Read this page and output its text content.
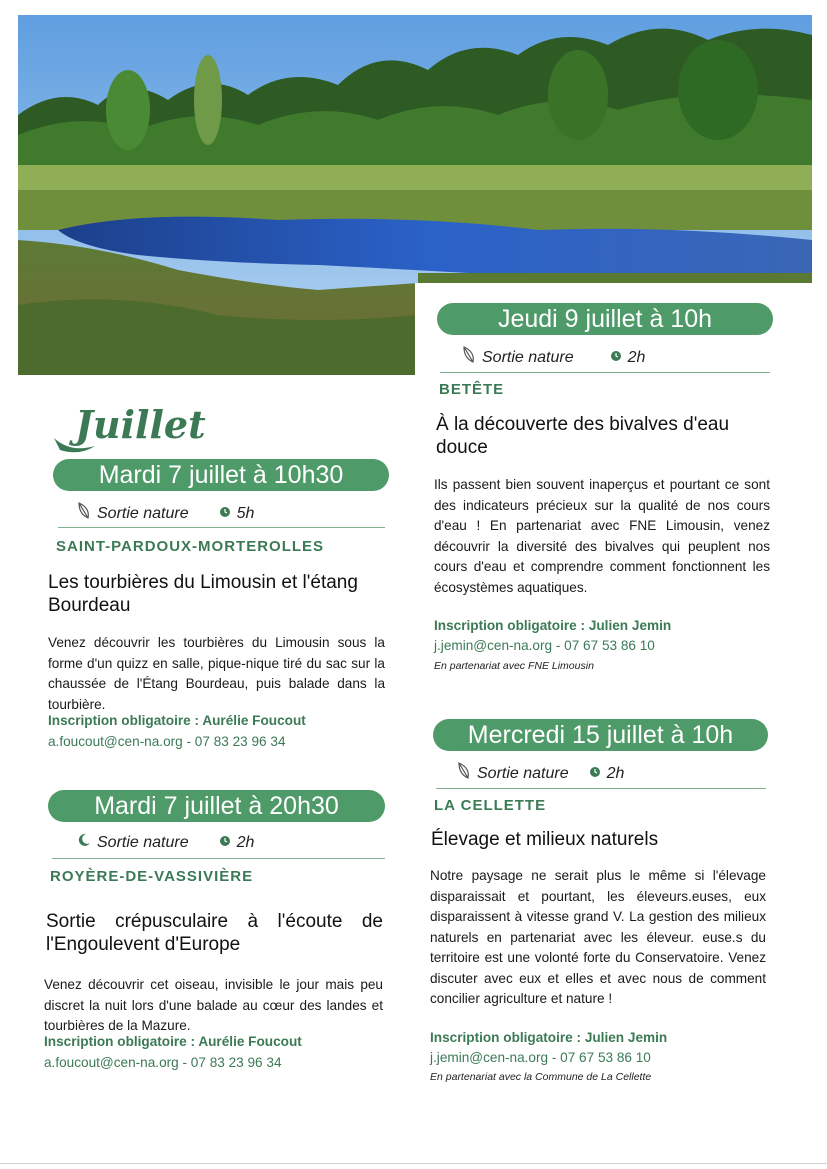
Juillet
Mardi 7 juillet à 10h30
Sortie nature	5h
SAINT-PARDOUX-MORTEROLLES
Les tourbières du Limousin et l'étang Bourdeau
Venez découvrir les tourbières du Limousin sous la forme d'un quizz en salle, pique-nique tiré du sac sur la chaussée de l'Étang Bourdeau, puis balade dans la tourbière.
Inscription obligatoire : Aurélie Foucout
a.foucout@cen-na.org - 07 83 23 96 34
Mardi 7 juillet à 20h30
Sortie nature	2h
ROYÈRE-DE-VASSIVIÈRE
Sortie crépusculaire à l'écoute de l'Engoulevent d'Europe
Venez découvrir cet oiseau, invisible le jour mais peu discret la nuit lors d'une balade au cœur des landes et tourbières de la Mazure.
Inscription obligatoire : Aurélie Foucout
a.foucout@cen-na.org - 07 83 23 96 34
Jeudi 9 juillet à 10h
Sortie nature	2h
BETÊTE
À la découverte des bivalves d'eau douce
Ils passent bien souvent inaperçus et pourtant ce sont des indicateurs précieux sur la qualité de nos cours d'eau ! En partenariat avec FNE Limousin, venez découvrir la diversité des bivalves qui peuplent nos cours d'eau et comprendre comment fonctionnent les écosystèmes aquatiques.
Inscription obligatoire : Julien Jemin
j.jemin@cen-na.org - 07 67 53 86 10
En partenariat avec FNE Limousin
Mercredi 15 juillet à 10h
Sortie nature 2h
LA CELLETTE
Élevage et milieux naturels
Notre paysage ne serait plus le même si l'élevage disparaissait et pourtant, les éleveurs.euses, eux disparaissent à vitesse grand V. La gestion des milieux naturels en partenariat avec les éleveur. euse.s du territoire est une volonté forte du Conservatoire. Venez discuter avec eux et elles et avec nous de comment concilier agriculture et nature !
Inscription obligatoire : Julien Jemin
j.jemin@cen-na.org - 07 67 53 86 10
En partenariat avec la Commune de La Cellette
